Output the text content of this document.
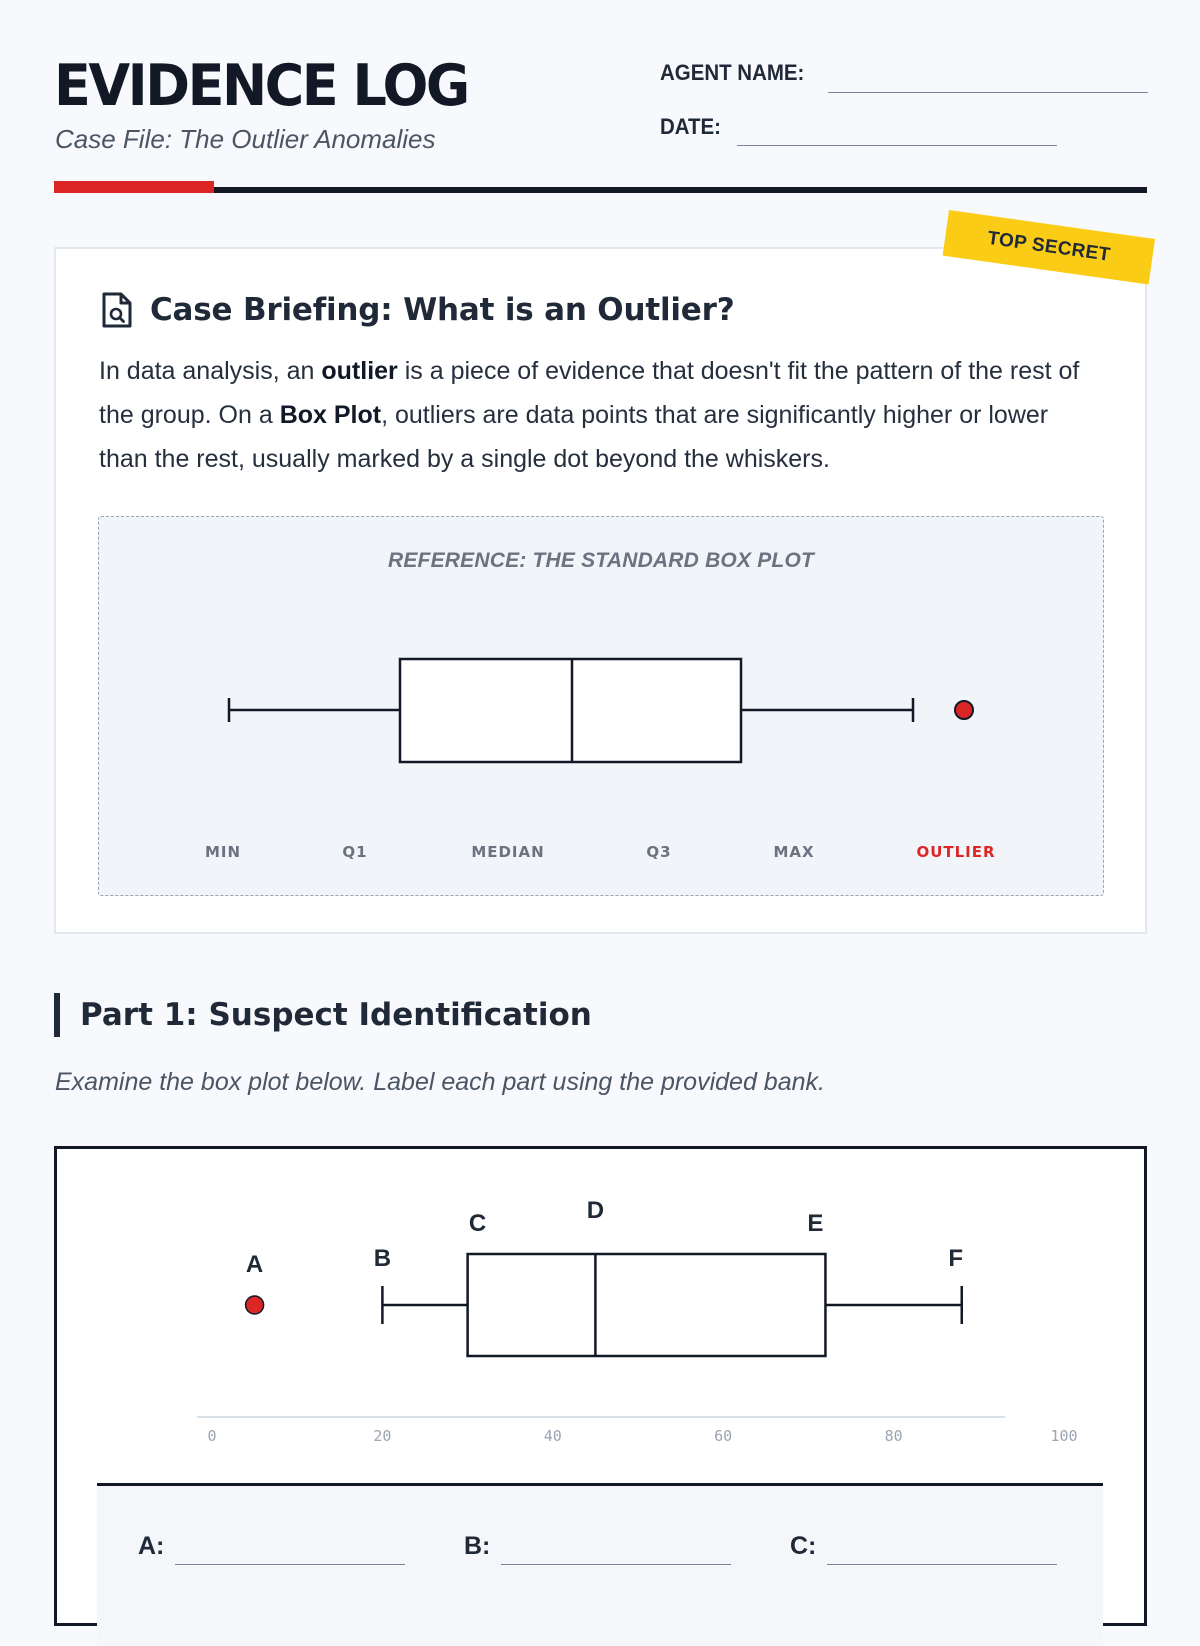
EVIDENCE LOG
Case File: The Outlier Anomalies
AGENT NAME:
DATE:
TOP SECRET
Case Briefing: What is an Outlier?

In data analysis, an outlier is a piece of evidence that doesn't fit the pattern of the rest of the group. On a Box Plot, outliers are data points that are significantly higher or lower than the rest, usually marked by a single dot beyond the whiskers.

REFERENCE: THE STANDARD BOX PLOT
MIN	Q1	MEDIAN	Q3	MAX	OUTLIER
Part 1: Suspect Identification
Examine the box plot below. Label each part using the provided bank.
0	20	40	60	80	100
A	B
C	D	E
F
A:	B:	C:
